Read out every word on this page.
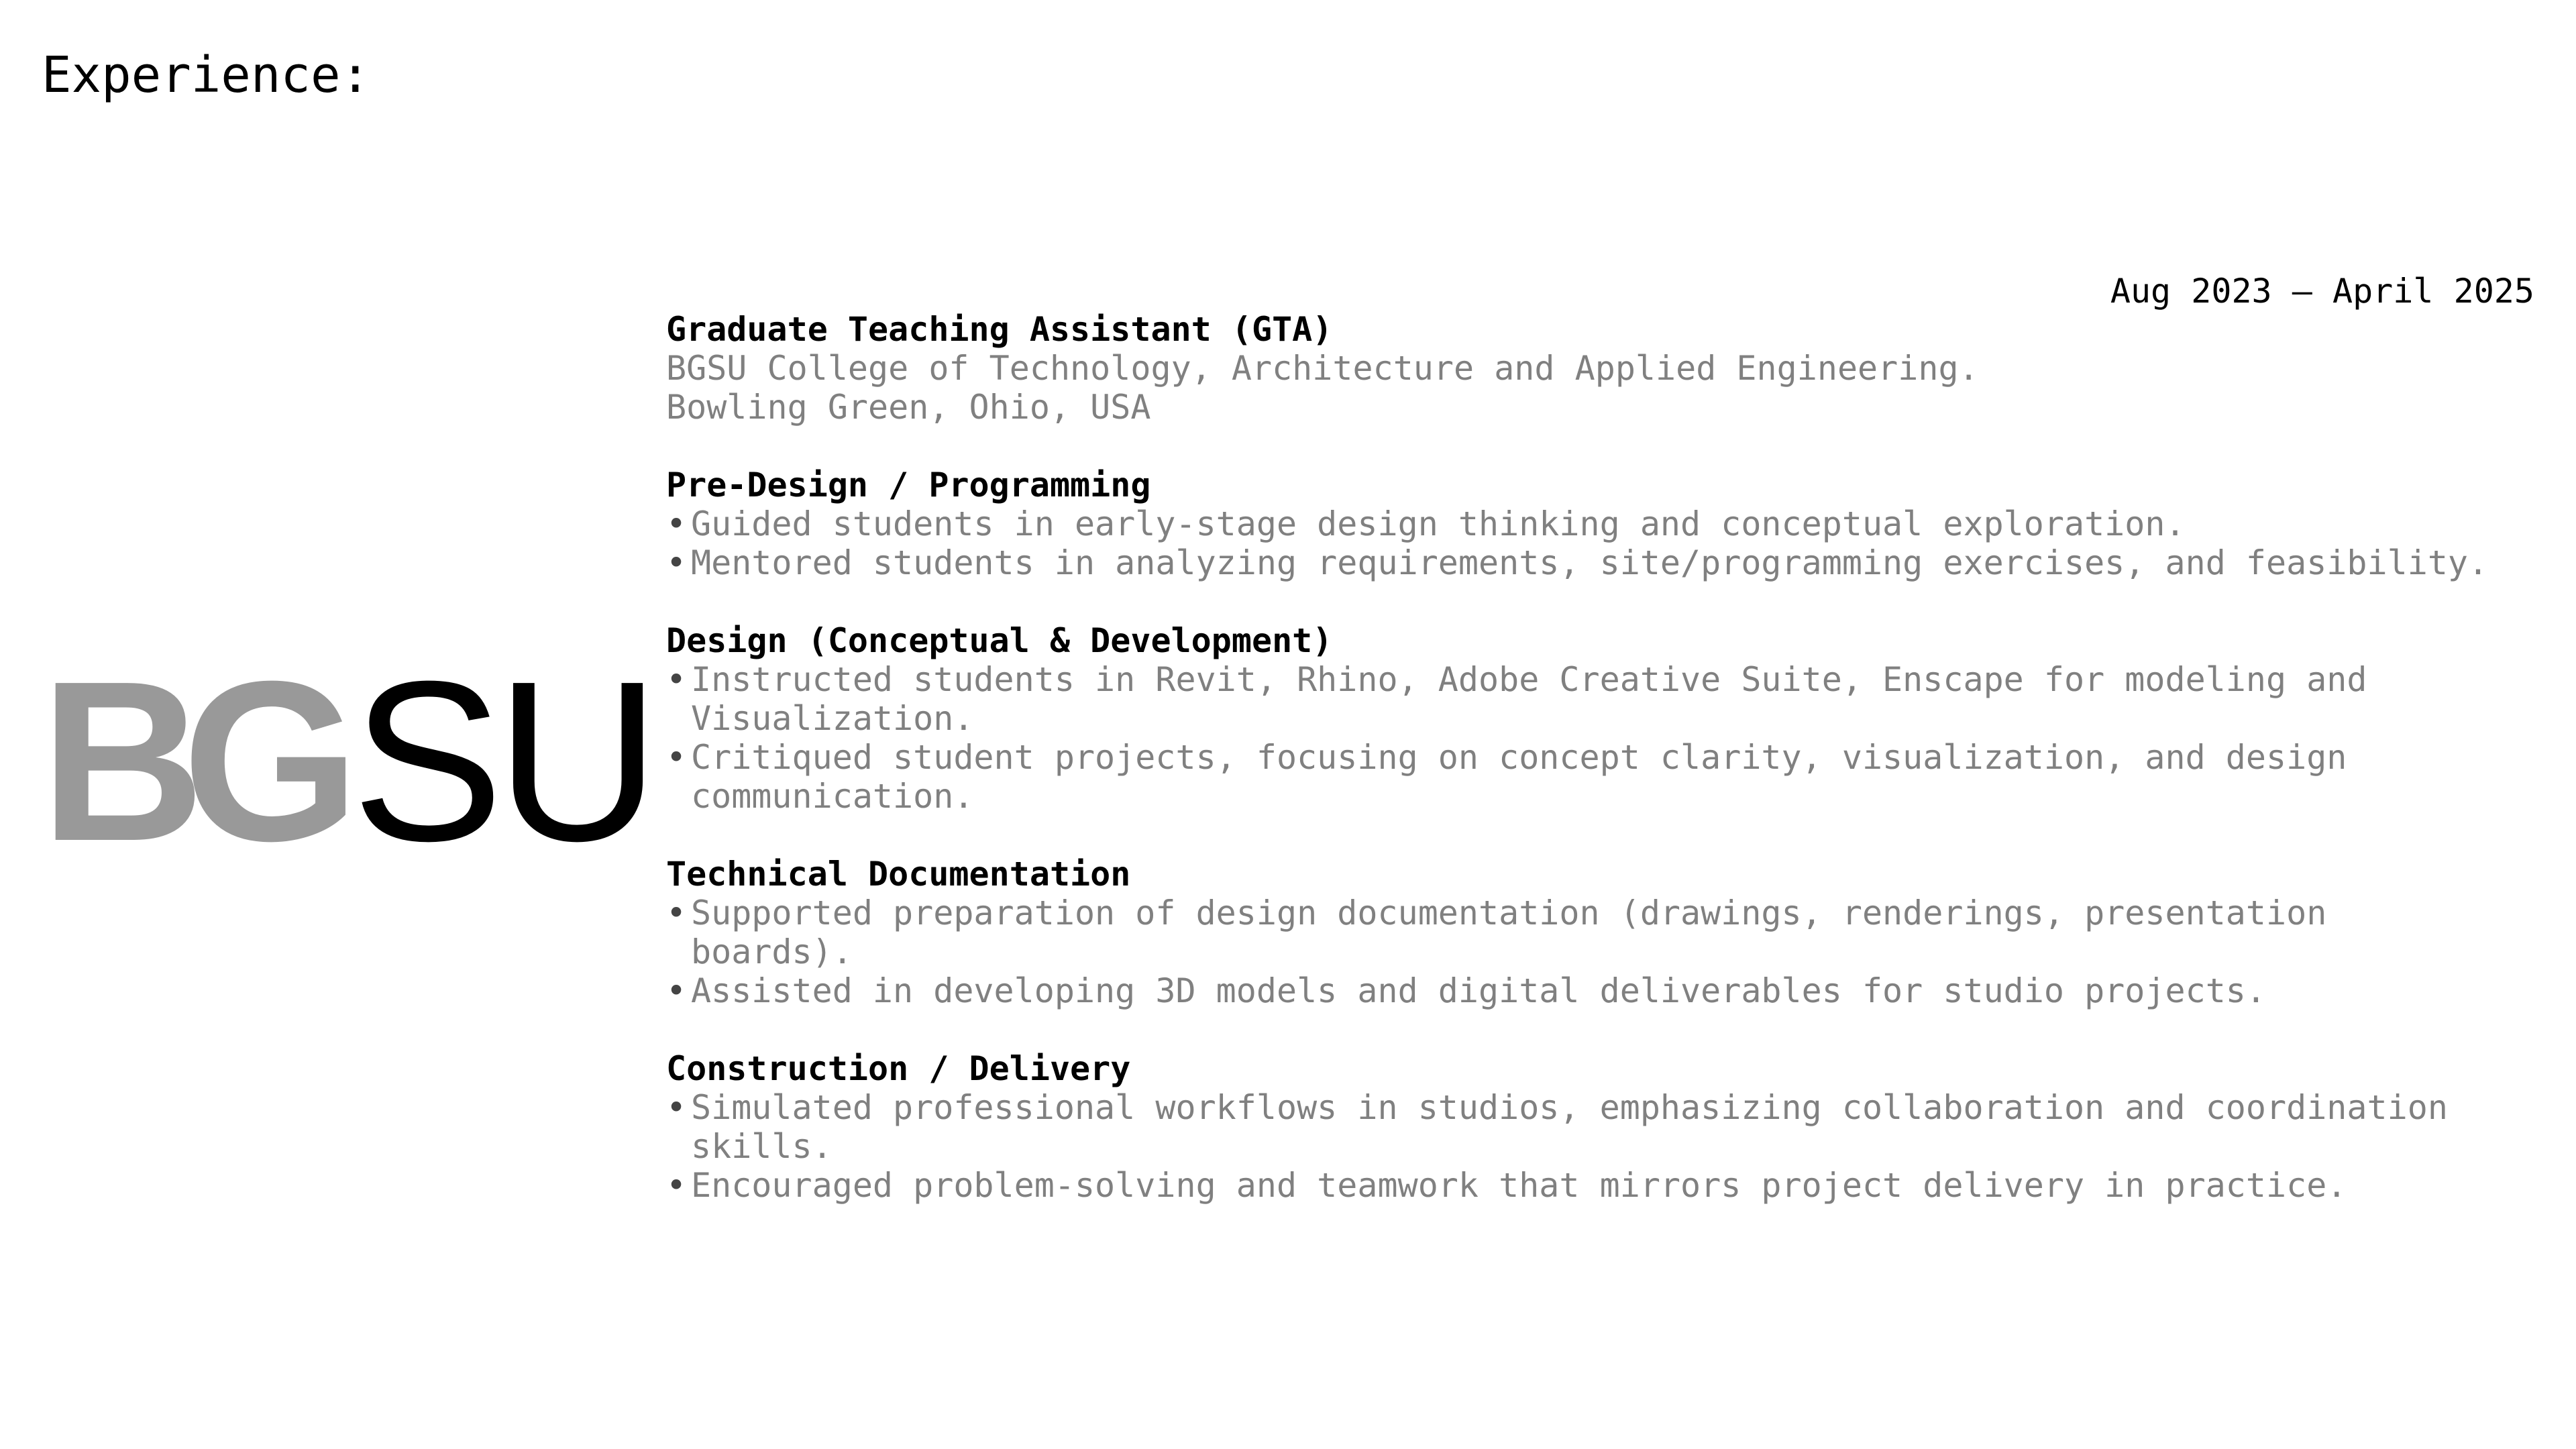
Experience:
BG SU
Aug 2023 – April 2025
Graduate Teaching Assistant (GTA)
BGSU College of Technology, Architecture and Applied Engineering.
Bowling Green, Ohio, USA
Pre-Design / Programming
• Guided students in early-stage design thinking and conceptual exploration.
• Mentored students in analyzing requirements, site/programming exercises, and feasibility.
Design (Conceptual & Development)
• Instructed students in Revit, Rhino, Adobe Creative Suite, Enscape for modeling and Visualization.
• Critiqued student projects, focusing on concept clarity, visualization, and design communication.
Technical Documentation
• Supported preparation of design documentation (drawings, renderings, presentation boards).
• Assisted in developing 3D models and digital deliverables for studio projects.
Construction / Delivery
• Simulated professional workflows in studios, emphasizing collaboration and coordination skills.
• Encouraged problem-solving and teamwork that mirrors project delivery in practice.
